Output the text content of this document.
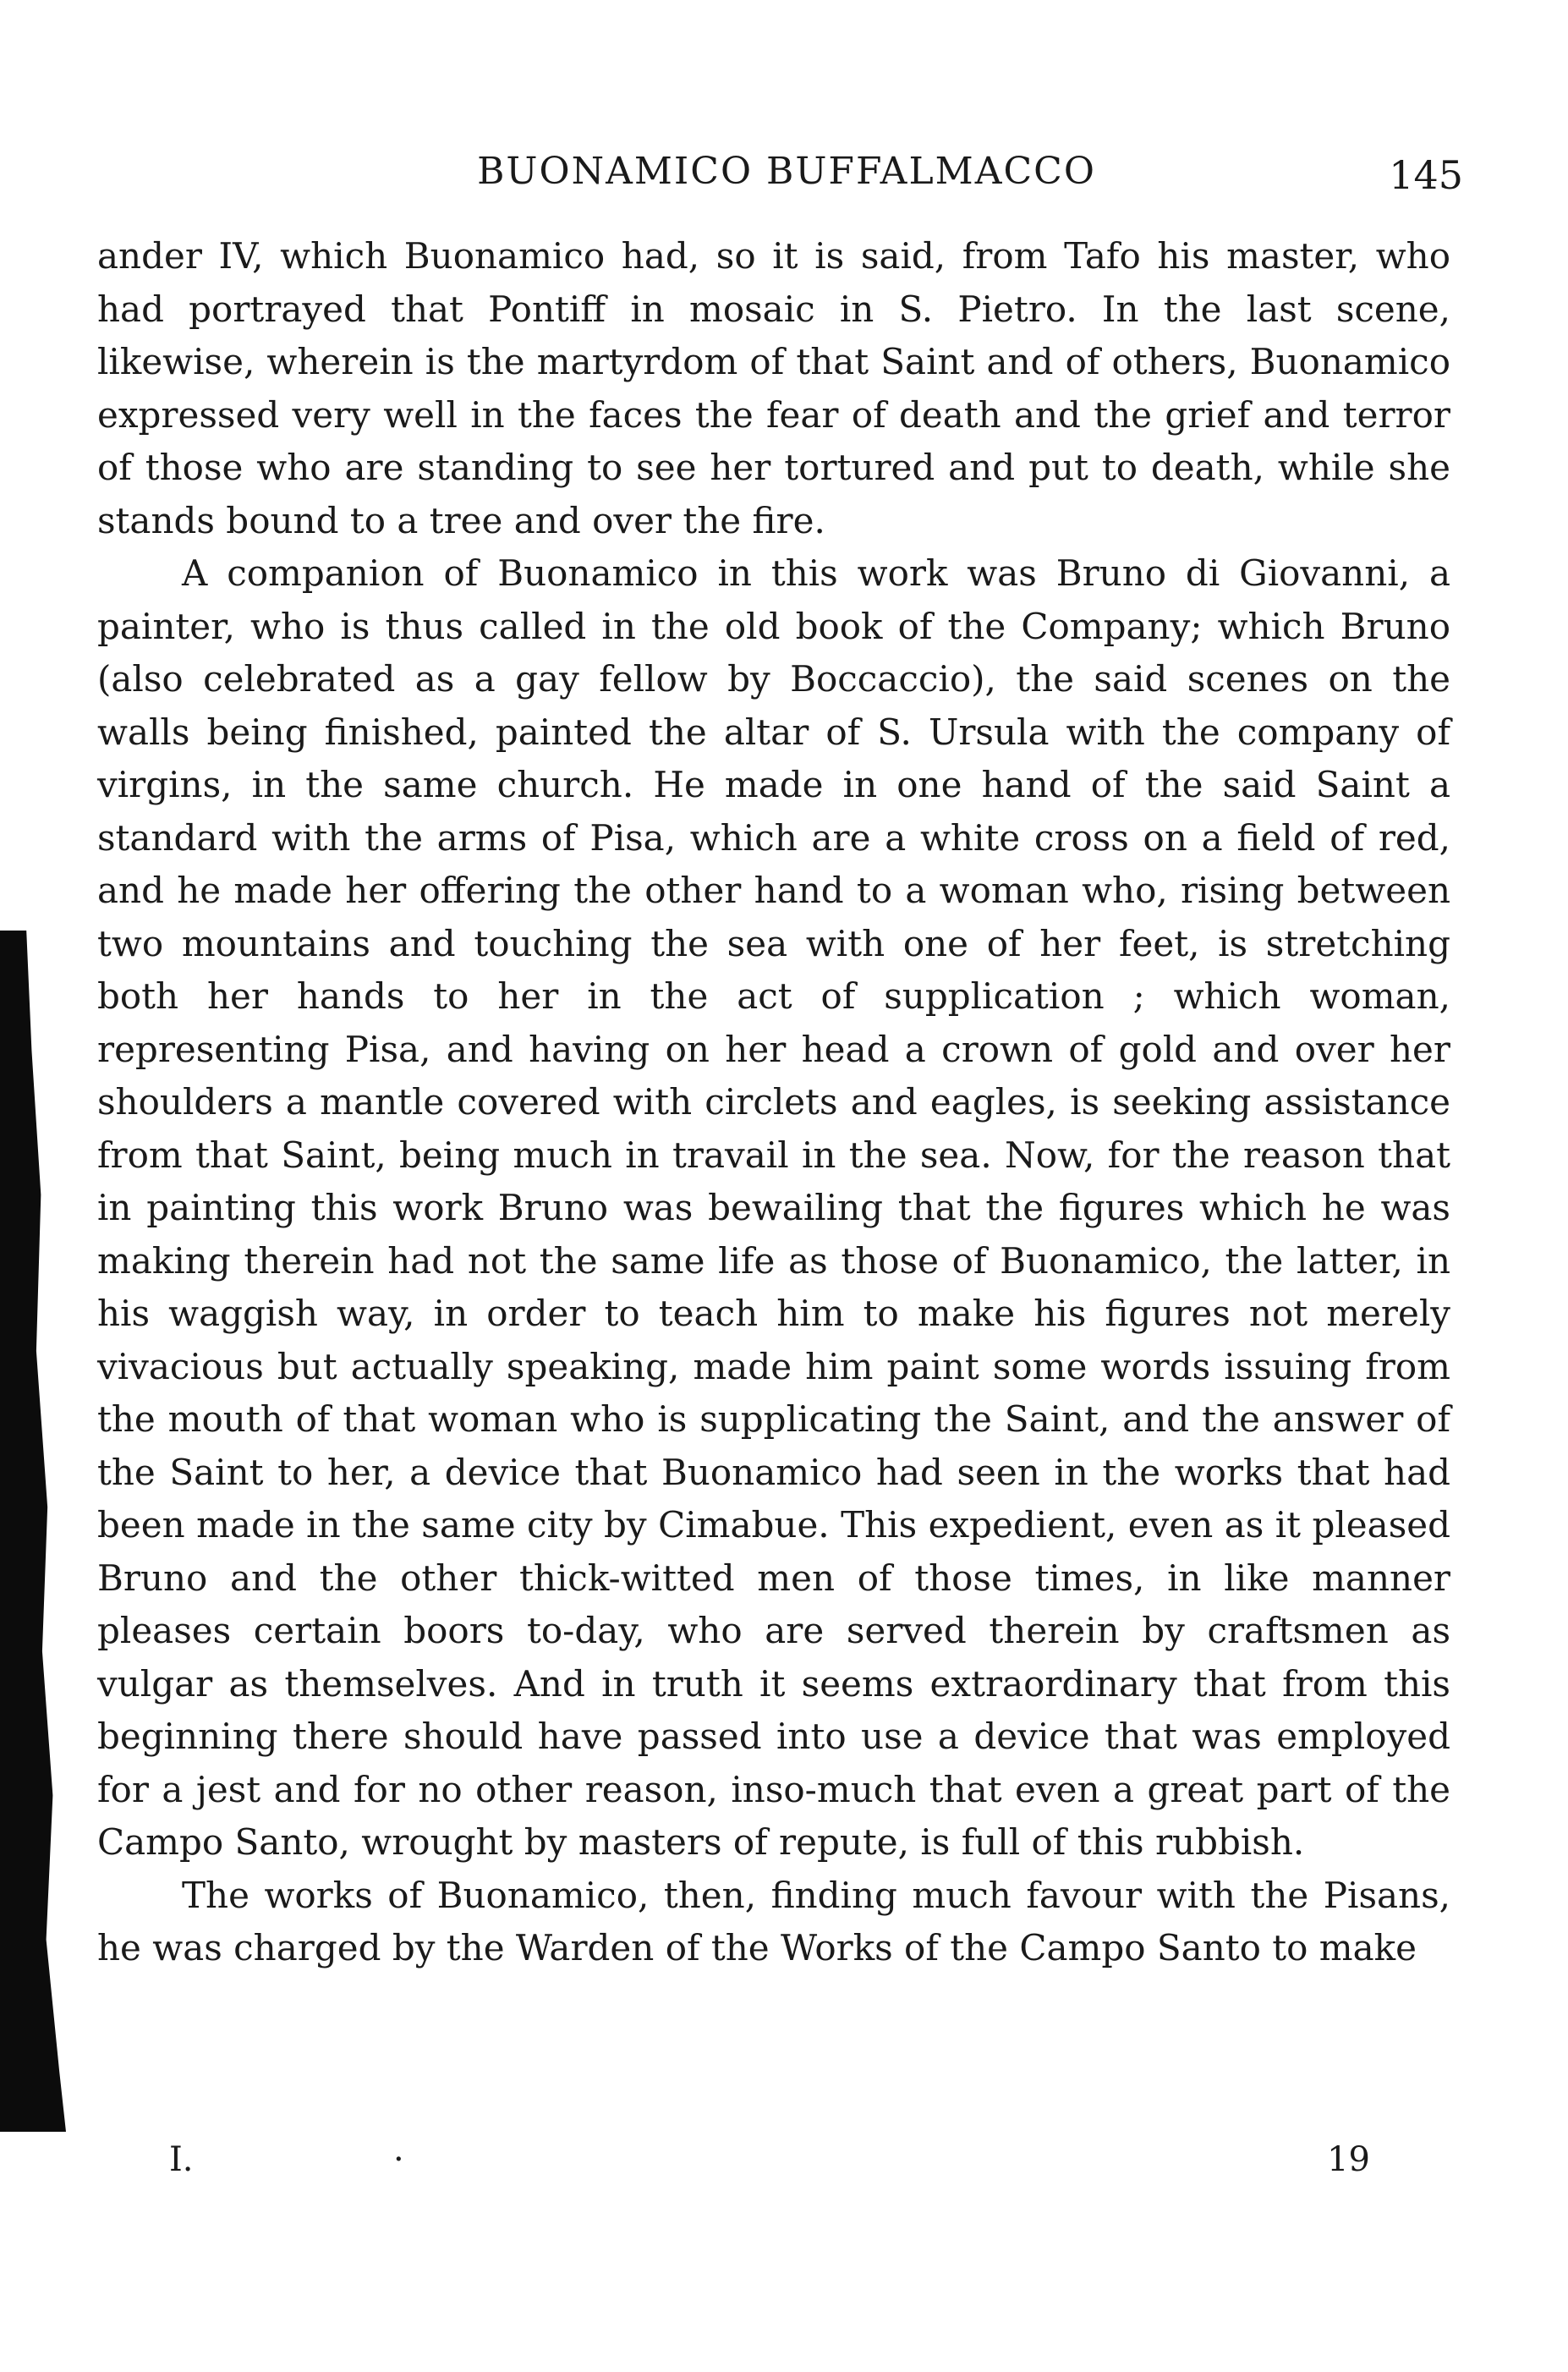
BUONAMICO BUFFALMACCO	145

ander IV, which Buonamico had, so it is said, from Tafo his master, who had portrayed that Pontiff in mosaic in S. Pietro. In the last scene, likewise, wherein is the martyrdom of that Saint and of others, Buonamico expressed very well in the faces the fear of death and the grief and terror of those who are standing to see her tortured and put to death, while she stands bound to a tree and over the fire.

A companion of Buonamico in this work was Bruno di Giovanni, a painter, who is thus called in the old book of the Company; which Bruno (also celebrated as a gay fellow by Boccaccio), the said scenes on the walls being finished, painted the altar of S. Ursula with the company of virgins, in the same church. He made in one hand of the said Saint a standard with the arms of Pisa, which are a white cross on a field of red, and he made her offering the other hand to a woman who, rising between two mountains and touching the sea with one of her feet, is stretching both her hands to her in the act of supplication ; which woman, representing Pisa, and having on her head a crown of gold and over her shoulders a mantle covered with circlets and eagles, is seeking assistance from that Saint, being much in travail in the sea. Now, for the reason that in painting this work Bruno was bewailing that the figures which he was making therein had not the same life as those of Buonamico, the latter, in his waggish way, in order to teach him to make his figures not merely vivacious but actually speaking, made him paint some words issuing from the mouth of that woman who is supplicating the Saint, and the answer of the Saint to her, a device that Buonamico had seen in the works that had been made in the same city by Cimabue. This expedient, even as it pleased Bruno and the other thick-witted men of those times, in like manner pleases certain boors to-day, who are served therein by craftsmen as vulgar as themselves. And in truth it seems extraordinary that from this beginning there should have passed into use a device that was employed for a jest and for no other reason, inso-much that even a great part of the Campo Santo, wrought by masters of repute, is full of this rubbish.

The works of Buonamico, then, finding much favour with the Pisans, he was charged by the Warden of the Works of the Campo Santo to make

I.	·	19
